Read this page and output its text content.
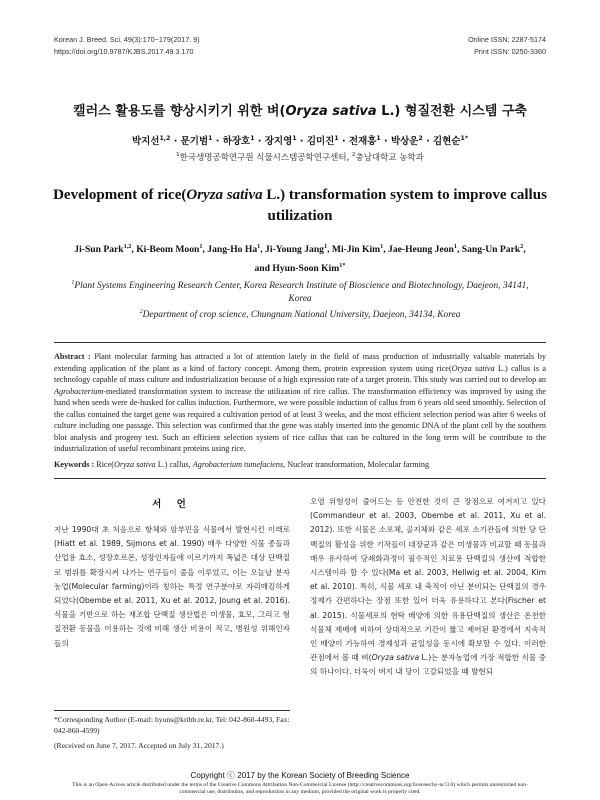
Korean J. Breed. Sci. 49(3):170~179(2017. 9)
https://doi.org/10.9787/KJBS.2017.49.3.170
Online ISSN: 2287-5174
Print ISSN: 0250-3360
캘러스 활용도를 향상시키기 위한 벼(Oryza sativa L.) 형질전환 시스템 구축
박지선$^{1,2}$ · 문기범$^1$ · 하장호$^1$ · 장지영$^1$ · 김미진$^1$ · 전재흥$^1$ · 박상운$^2$ · 김현순$^{1*}$
$^1$한국생명공학연구원 식물시스템공학연구센터, $^2$충남대학교 농학과
Development of rice(Oryza sativa L.) transformation system to improve callus utilization
Ji-Sun Park$^{1,2}$, Ki-Beom Moon$^1$, Jang-Ho Ha$^1$, Ji-Young Jang$^1$, Mi-Jin Kim$^1$, Jae-Heung Jeon$^1$, Sang-Un Park$^2$,
and Hyun-Soon Kim$^{1*}$

$^1$Plant Systems Engineering Research Center, Korea Research Institute of Bioscience and Biotechnology, Daejeon, 34141, Korea

$^2$Department of crop science, Chungnam National University, Daejeon, 34134, Korea

Abstract : Plant molecular farming has attracted a lot of attention lately in the field of mass production of industrially valuable materials by extending application of the plant as a kind of factory concept. Among them, protein expression system using rice(Oryza sativa L.) callus is a technology capable of mass culture and industrialization because of a high expression rate of a target protein. This study was carried out to develop an Agrobacterium-mediated transformation system to increase the utilization of rice callus. The transformation efficiency was improved by using the hand when seeds were de-husked for callus induction. Furthermore, we were possible induction of callus from 6 years old seed smoothly. Selection of the callus contained the target gene was required a cultivation period of at least 3 weeks, and the most efficient selection period was after 6 weeks of culture including one passage. This selection was confirmed that the gene was stably inserted into the genomic DNA of the plant cell by the southern blot analysis and progeny test. Such an efficient selection system of rice callus that can be cultured in the long term will be contribute to the industrialization of useful recombinant proteins using rice.
Keywords : Rice(Oryza sativa L.) callus, Agrobacterium tumefaciens, Nuclear transformation, Molecular farming
서 언
지난 1990대 초 처음으로 항체와 암부민을 식물에서 발현시킨 이래로(Hiatt et al. 1989, Sijmons et al. 1990) 매우 다양한 식물 종들과 산업용 효소, 성장호르몬, 성장인자들에 이르기까지 폭넓은 대상 단백질로 범위를 확장시켜 나가는 연구들이 줄을 이루었고, 이는 오늘날 분자농업(Molecular farming)이라 칭하는 특정 연구분야로 자리매김하게 되었다(Obembe et al. 2011, Xu et al. 2012, Joung et al. 2016). 식물을 기반으로 하는 재조합 단백질 생산법은 미생물, 효모, 그리고 형질전환 동물을 이용하는 것에 비해 생산 비용이 적고, 병원성 위해인자들의
오염 위험성이 줄어드는 등 안전한 것이 큰 장점으로 여겨지고 있다(Commandeur et al. 2003, Obembe et al. 2011, Xu et al. 2012). 또한 식물은 소포체, 골지체와 같은 세포 소기관들에 의한 당 단백질의 활성을 위한 기작들이 대장균과 같은 미생물과 비교할 때 동물과 매우 유사하여 당쇄화과정이 필수적인 치료용 단백질의 생산에 적합한 시스템이라 할 수 있다(Ma et al. 2003, Hellwig et al. 2004, Kim et al. 2010). 특히, 식물 세포 내 축적이 아닌 분비되는 단백질의 경우 정제가 간편하다는 장점 또한 있어 더욱 유용하다고 본다(Fischer et al. 2015). 식물세포의 현탁 배양에 의한 유용단백질의 생산은 온전한 식물체 재배에 비하여 상대적으로 기간이 짧고 제어된 환경에서 지속적인 배양이 가능하여 경제성과 균일성을 동시에 확보할 수 있다. 이러한 관점에서 볼 때 벼(Oryza sativa L.)는 분자농업에 가장 적합한 식물 중의 하나이다. 더욱이 벼지 내 당이 고갈되었을 때 발현되
*Corresponding Author (E-mail: hyuns@kribb.re.kr, Tel: 042-860-4493, Fax: 042-860-4599)
(Received on June 7, 2017. Accepted on July 31, 2017.)
Copyright ⓒ 2017 by the Korean Society of Breeding Science
This is an Open-Access article distributed under the terms of the Creative Commons Attribution Non-Commercial License (http://creativecommons.org/licenses/by-nc/3.0) which permits unrestricted non-commercial use, distribution, and reproduction in any medium, provided the original work is properly cited.
